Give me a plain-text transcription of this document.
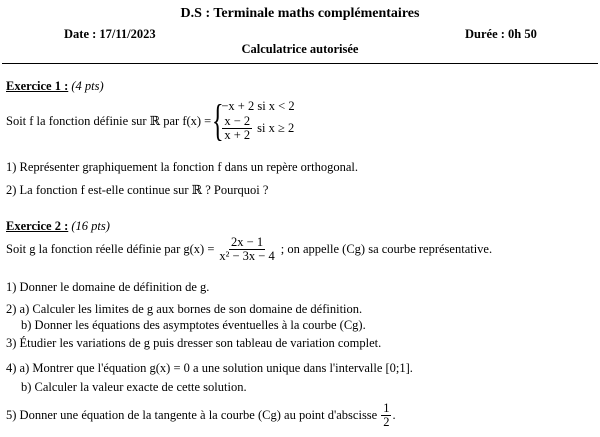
D.S : Terminale maths complémentaires
Date : 17/11/2023	Durée : 0h 50
Calculatrice autorisée
Exercice 1 : (4 pts)
Soit f la fonction définie sur ℝ par f(x) = {
−x + 2 si x < 2
$\frac{x - 2}{x + 2}$ si x ≥ 2
1) Représenter graphiquement la fonction f dans un repère orthogonal.
2) La fonction f est-elle continue sur ℝ ? Pourquoi ?
Exercice 2 : (16 pts)
Soit g la fonction réelle définie par $g(x) = \frac{2x - 1}{\text{x² − 3x − 4}}$ ; on appelle (Cg) sa courbe représentative.
1) Donner le domaine de définition de g.
2) a) Calculer les limites de g aux bornes de son domaine de définition.
b) Donner les équations des asymptotes éventuelles à la courbe (Cg).
3) Étudier les variations de g puis dresser son tableau de variation complet.
4) a) Montrer que l'équation g(x) = 0 a une solution unique dans l'intervalle [0;1].
b) Calculer la valeur exacte de cette solution.
5) Donner une équation de la tangente à la courbe (Cg) au point d'abscisse $\frac{1}{2}$ .
